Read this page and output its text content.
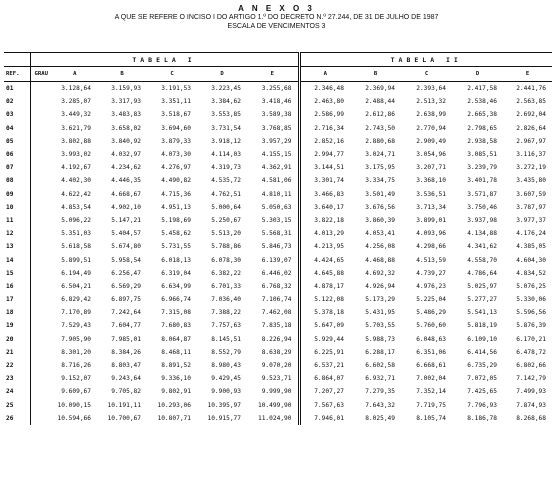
A N E X O 3
A QUE SE REFERE O INCISO I DO ARTIGO 1.º DO DECRETO N.º 27.244, DE 31 DE JULHO DE 1987
ESCALA DE VENCIMENTOS 3
	TABELA I					TABELA II				
REF.	GRAU A	B	C	D	E	A	B	C	D	E
01	3.128,64	3.159,93	3.191,53	3.223,45	3.255,68	2.346,48	2.369,94	2.393,64	2.417,58	2.441,76
02	3.285,07	3.317,93	3.351,11	3.384,62	3.418,46	2.463,80	2.488,44	2.513,32	2.538,46	2.563,85
03	3.449,32	3.483,83	3.518,67	3.553,85	3.589,38	2.586,99	2.612,86	2.638,99	2.665,38	2.692,04
04	3.621,79	3.658,02	3.694,60	3.731,54	3.768,85	2.716,34	2.743,50	2.770,94	2.798,65	2.826,64
05	3.802,88	3.840,92	3.879,33	3.918,12	3.957,29	2.852,16	2.880,68	2.909,49	2.938,58	2.967,97
06	3.993,02	4.032,97	4.073,30	4.114,03	4.155,15	2.994,77	3.024,71	3.054,96	3.085,51	3.116,37
07	4.192,67	4.234,62	4.276,97	4.319,73	4.362,91	3.144,51	3.175,95	3.207,71	3.239,79	3.272,19
08	4.402,30	4.446,35	4.490,82	4.535,72	4.581,06	3.301,74	3.334,75	3.368,10	3.401,78	3.435,80
09	4.622,42	4.668,67	4.715,36	4.762,51	4.810,11	3.466,83	3.501,49	3.536,51	3.571,87	3.607,59
10	4.853,54	4.902,10	4.951,13	5.000,64	5.050,63	3.640,17	3.676,56	3.713,34	3.750,46	3.787,97
11	5.096,22	5.147,21	5.198,69	5.250,67	5.303,15	3.822,18	3.860,39	3.899,01	3.937,98	3.977,37
12	5.351,03	5.404,57	5.458,62	5.513,20	5.568,31	4.013,29	4.053,41	4.093,96	4.134,88	4.176,24
13	5.618,58	5.674,80	5.731,55	5.788,86	5.846,73	4.213,95	4.256,08	4.298,66	4.341,62	4.385,05
14	5.899,51	5.958,54	6.018,13	6.078,30	6.139,07	4.424,65	4.468,88	4.513,59	4.558,70	4.604,30
15	6.194,49	6.256,47	6.319,04	6.382,22	6.446,02	4.645,88	4.692,32	4.739,27	4.786,64	4.834,52
16	6.504,21	6.569,29	6.634,99	6.701,33	6.768,32	4.878,17	4.926,94	4.976,23	5.025,97	5.076,25
17	6.829,42	6.897,75	6.966,74	7.036,40	7.106,74	5.122,08	5.173,29	5.225,04	5.277,27	5.330,06
18	7.170,89	7.242,64	7.315,08	7.388,22	7.462,08	5.378,18	5.431,95	5.486,29	5.541,13	5.596,56
19	7.529,43	7.604,77	7.680,83	7.757,63	7.835,18	5.647,09	5.703,55	5.760,60	5.818,19	5.876,39
20	7.905,90	7.985,01	8.064,87	8.145,51	8.226,94	5.929,44	5.988,73	6.048,63	6.109,10	6.170,21
21	8.301,20	8.384,26	8.468,11	8.552,79	8.638,29	6.225,91	6.288,17	6.351,06	6.414,56	6.478,72
22	8.716,26	8.803,47	8.891,52	8.980,43	9.070,20	6.537,21	6.602,58	6.668,61	6.735,29	6.802,66
23	9.152,07	9.243,64	9.336,10	9.429,45	9.523,71	6.864,07	6.932,71	7.002,04	7.072,05	7.142,79
24	9.609,67	9.705,82	9.802,91	9.900,93	9.999,90	7.207,27	7.279,35	7.352,14	7.425,65	7.499,93
25	10.090,15	10.191,11	10.293,06	10.395,97	10.499,90	7.567,63	7.643,32	7.719,75	7.796,93	7.874,93
26	10.594,66	10.700,67	10.807,71	10.915,77	11.024,90	7.946,01	8.025,49	8.105,74	8.186,78	8.268,68
